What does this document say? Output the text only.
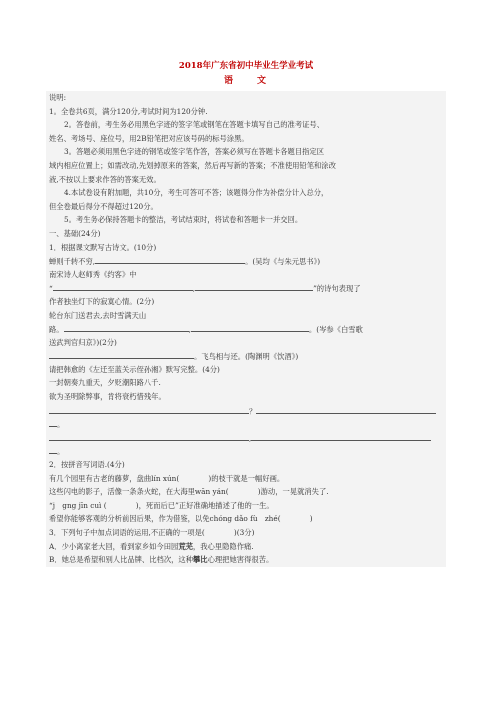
2018年广东省初中毕业生学业考试
语　　文
说明:
1。全卷共6页，满分120分,考试时间为120分钟.
2。答卷前，考生务必用黑色字迹的签字笔或钢笔在答题卡填写自己的准考证号、
姓名、考场号、座位号，用2B铅笔把对应该号码的标号涂黑。
3。答题必须用黑色字迹的钢笔或签字笔作答，答案必须写在答题卡各题目指定区
域内相应位置上；如需改动,先划掉原来的答案，然后再写新的答案；不准使用铅笔和涂改
液,不按以上要求作答的答案无效。
4.本试卷设有附加题，共10分，考生可答可不答；该题得分作为补偿分计入总分，
但全卷最后得分不得超过120分。
5。考生务必保持答题卡的整洁，考试结束时，将试卷和答题卡一并交回。
一、基础(24分)
1．根据课文默写古诗文。(10分)
蝉则千转不穷,	。(吴均《与朱元思书》)
南宋诗人赵师秀《约客》中
“	,	”的诗句表现了
作者独坐灯下的寂寞心情。(2分)
轮台东门送君去,去时雪满天山
路。	,	。(岑参《白雪歌
送武判官归京》)(2分)
。飞鸟相与还。(陶渊明《饮酒》)
请把韩愈的《左迁至蓝关示侄孙湘》默写完整。(4分)
一封朝奏九重天，夕贬潮阳路八千.
欲为圣明除弊事，肯将衰朽惜残年。
？
。
,
。
2．按拼音写词语.(4分)
有几个园里有古老的藤萝，盘曲lín xún(　　　　)的枝干就是一幅好画。
这些闪电的影子，活像一条条火蛇，在大海里wān yán(　　　　)游动，一晃就消失了.
“j　gng jīn cuì (　　　　)，死而后已”正好准确地描述了他的一生。
希望你能够客观的分析前因后果，作为借鉴，以免chóng dǎo fù　zhé(　　　　)
3．下列句子中加点词语的运用,不正确的一项是(　　　　)(3分)
A．少小离家老大回，看到家乡如今田园荒芜，我心里隐隐作痛.
B．她总是希望和别人比品牌、比档次，这种攀比心理把她害得很苦。
